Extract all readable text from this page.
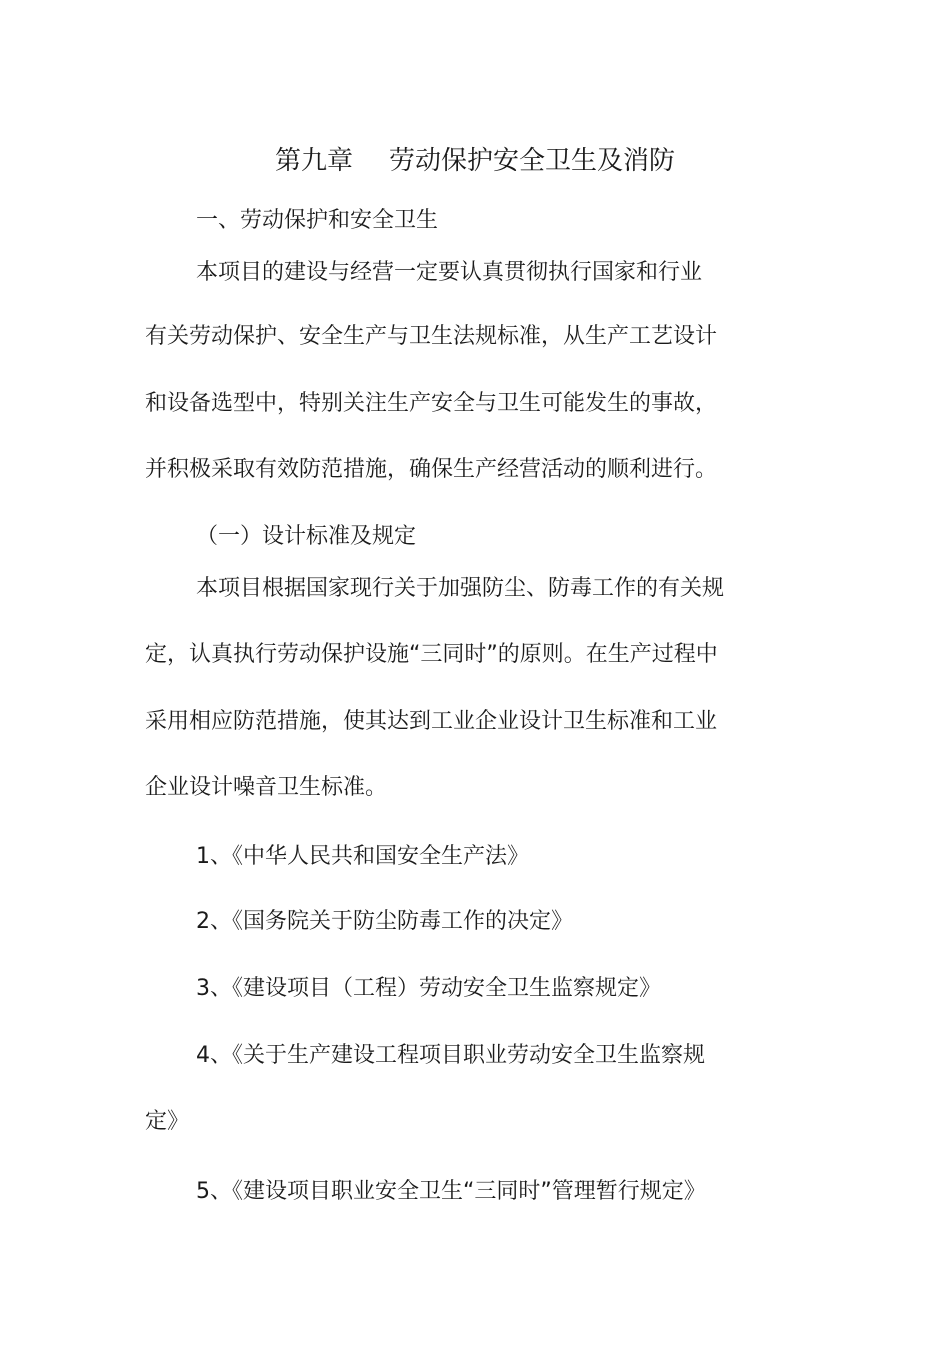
第九章 劳动保护安全卫生及消防
一、劳动保护和安全卫生
本项目的建设与经营一定要认真贯彻执行国家和行业
有关劳动保护、安全生产与卫生法规标准，从生产工艺设计
和设备选型中，特别关注生产安全与卫生可能发生的事故，
并积极采取有效防范措施，确保生产经营活动的顺利进行。
（一）设计标准及规定
本项目根据国家现行关于加强防尘、防毒工作的有关规
定，认真执行劳动保护设施“三同时”的原则。在生产过程中
采用相应防范措施，使其达到工业企业设计卫生标准和工业
企业设计噪音卫生标准。
1、《中华人民共和国安全生产法》
2、《国务院关于防尘防毒工作的决定》
3、《建设项目（工程）劳动安全卫生监察规定》
4、《关于生产建设工程项目职业劳动安全卫生监察规
定》
5、《建设项目职业安全卫生“三同时”管理暂行规定》
